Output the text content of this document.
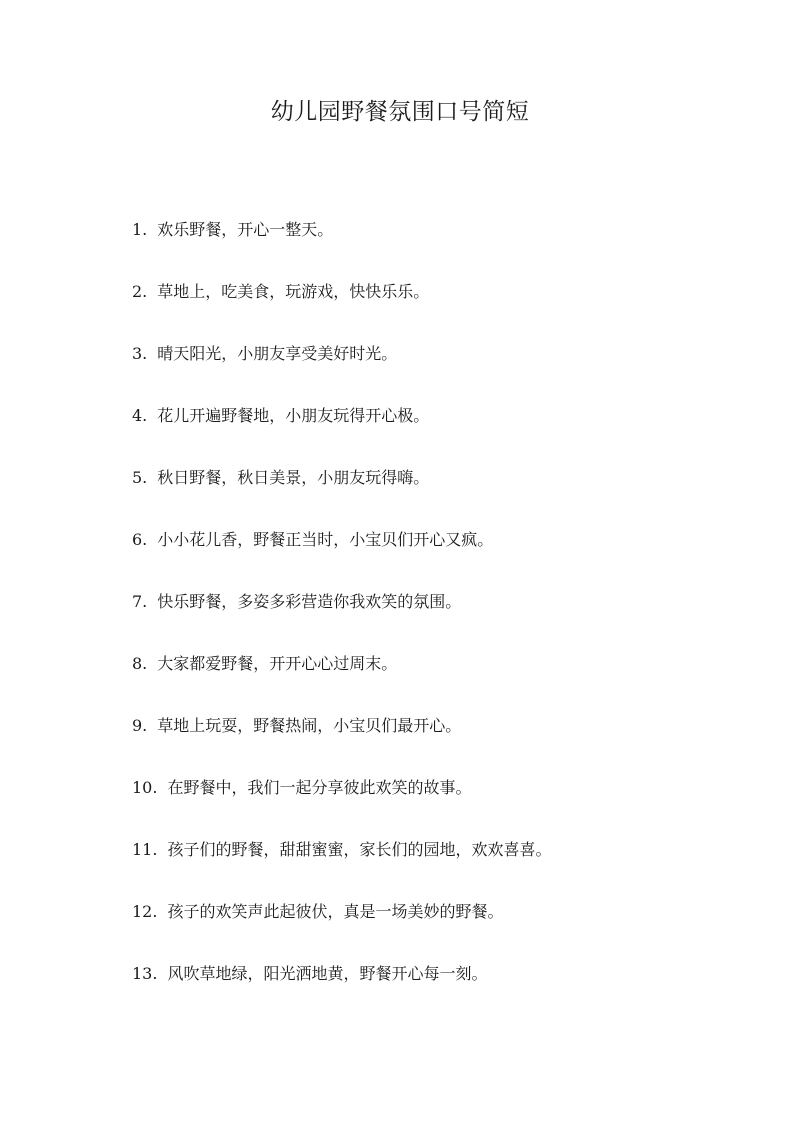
幼儿园野餐氛围口号简短
1. 欢乐野餐，开心一整天。
2. 草地上，吃美食，玩游戏，快快乐乐。
3. 晴天阳光，小朋友享受美好时光。
4. 花儿开遍野餐地，小朋友玩得开心极。
5. 秋日野餐，秋日美景，小朋友玩得嗨。
6. 小小花儿香，野餐正当时，小宝贝们开心又疯。
7. 快乐野餐，多姿多彩营造你我欢笑的氛围。
8. 大家都爱野餐，开开心心过周末。
9. 草地上玩耍，野餐热闹，小宝贝们最开心。
10. 在野餐中，我们一起分享彼此欢笑的故事。
11. 孩子们的野餐，甜甜蜜蜜，家长们的园地，欢欢喜喜。
12. 孩子的欢笑声此起彼伏，真是一场美妙的野餐。
13. 风吹草地绿，阳光洒地黄，野餐开心每一刻。
